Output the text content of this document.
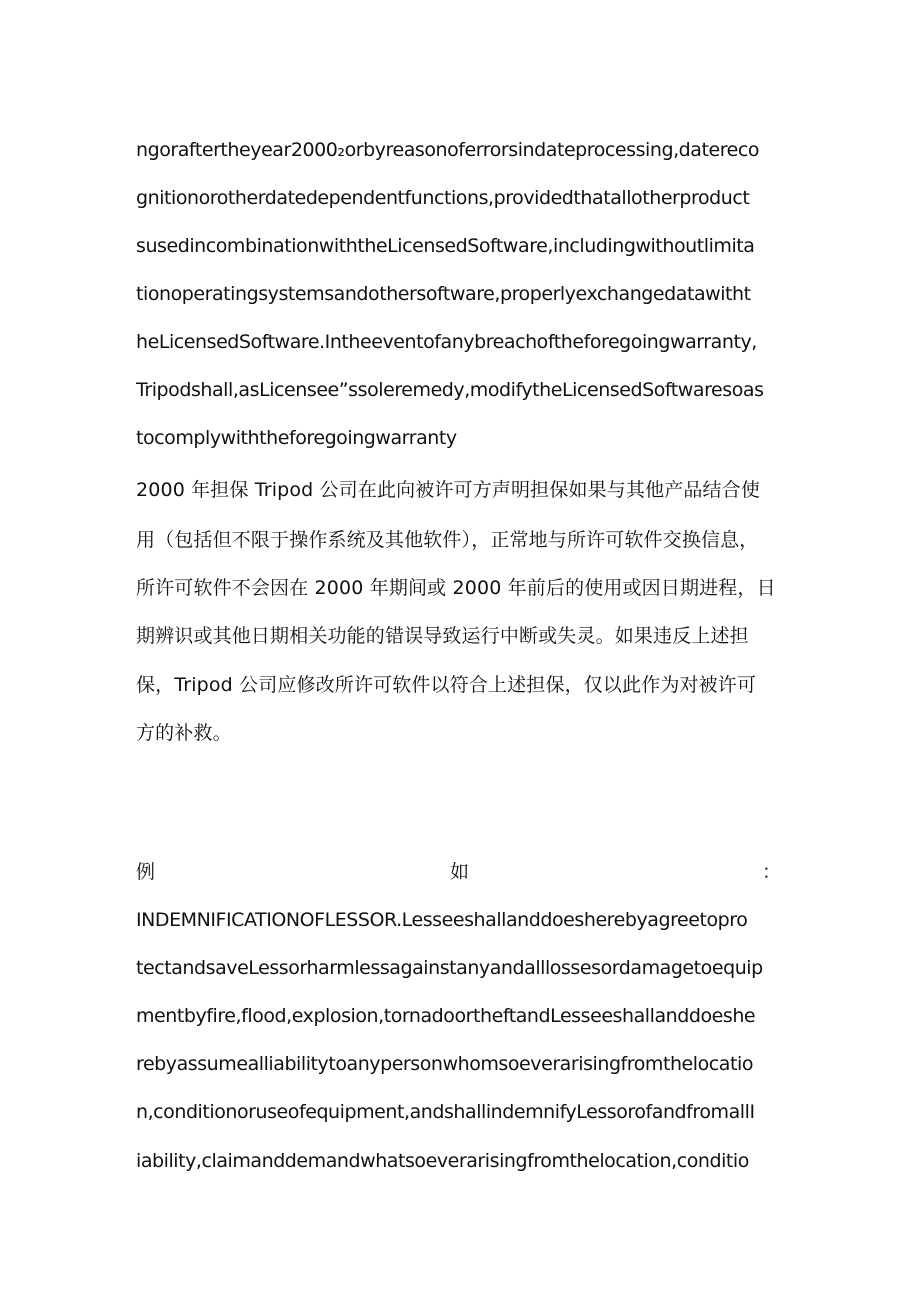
ngoraftertheyear2000₂orbyreasonoferrorsindateprocessing,datereco
gnitionorotherdatedependentfunctions,providedthatallotherproduct
susedincombinationwiththeLicensedSoftware,includingwithoutlimita
tionoperatingsystemsandothersoftware,properlyexchangedatawitht
heLicensedSoftware.Intheeventofanybreachoftheforegoingwarranty,
Tripodshall,asLicensee”ssoleremedy,modifytheLicensedSoftwaresoas
tocomplywiththeforegoingwarranty
2000 年担保 Tripod 公司在此向被许可方声明担保如果与其他产品结合使
用（包括但不限于操作系统及其他软件），正常地与所许可软件交换信息，
所许可软件不会因在 2000 年期间或 2000 年前后的使用或因日期进程，日
期辨识或其他日期相关功能的错误导致运行中断或失灵。如果违反上述担
保，Tripod 公司应修改所许可软件以符合上述担保，仅以此作为对被许可
方的补救。
例	如	：
INDEMNIFICATIONOFLESSOR.Lesseeshallanddoesherebyagreetopro
tectandsaveLessorharmlessagainstanyandalllossesordamagetoequip
mentbyfire,flood,explosion,tornadoortheftandLesseeshallanddoeshe
rebyassumealliabilitytoanypersonwhomsoeverarisingfromthelocatio
n,conditionoruseofequipment,andshallindemnifyLessorofandfromallI
iability,claimanddemandwhatsoeverarisingfromthelocation,conditio
